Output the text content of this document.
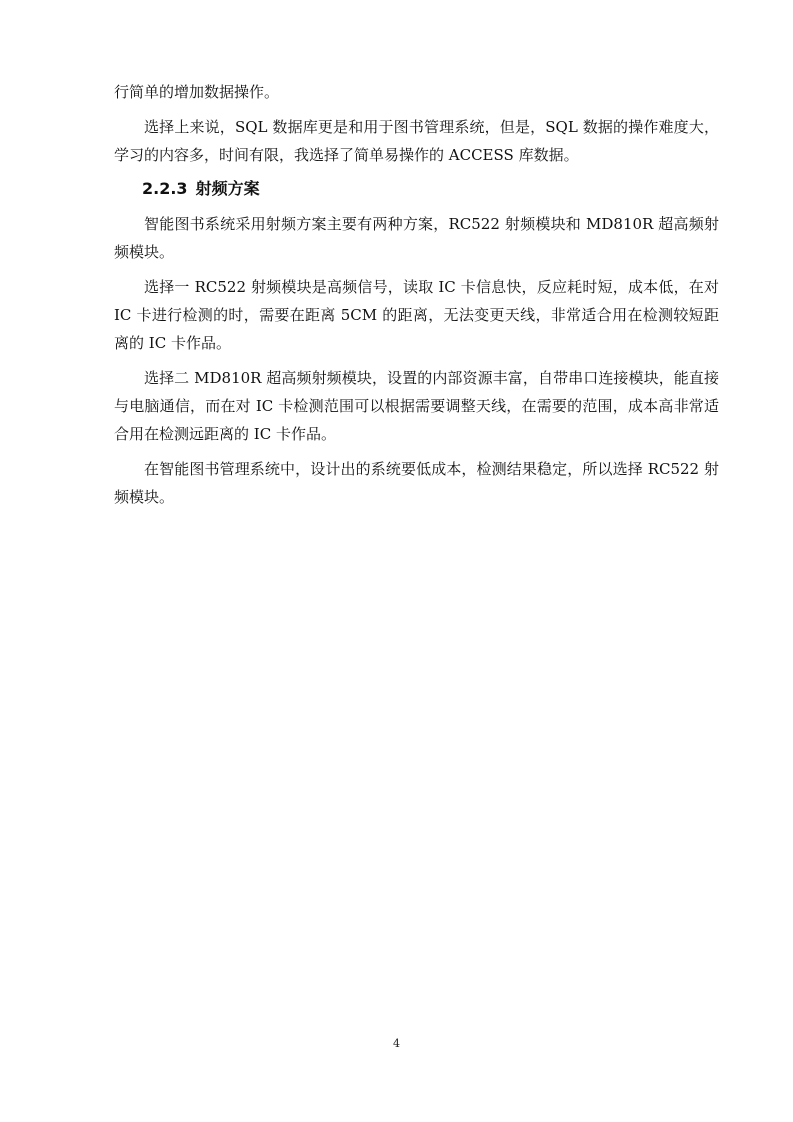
行简单的增加数据操作。

选择上来说，SQL 数据库更是和用于图书管理系统，但是，SQL 数据的操作难度大，学习的内容多，时间有限，我选择了简单易操作的 ACCESS 库数据。

2.2.3 射频方案

智能图书系统采用射频方案主要有两种方案，RC522 射频模块和 MD810R 超高频射频模块。

选择一 RC522 射频模块是高频信号，读取 IC 卡信息快，反应耗时短，成本低，在对 IC 卡进行检测的时，需要在距离 5CM 的距离，无法变更天线，非常适合用在检测较短距离的 IC 卡作品。

选择二 MD810R 超高频射频模块，设置的内部资源丰富，自带串口连接模块，能直接与电脑通信，而在对 IC 卡检测范围可以根据需要调整天线，在需要的范围，成本高非常适合用在检测远距离的 IC 卡作品。

在智能图书管理系统中，设计出的系统要低成本，检测结果稳定，所以选择 RC522 射频模块。

4
